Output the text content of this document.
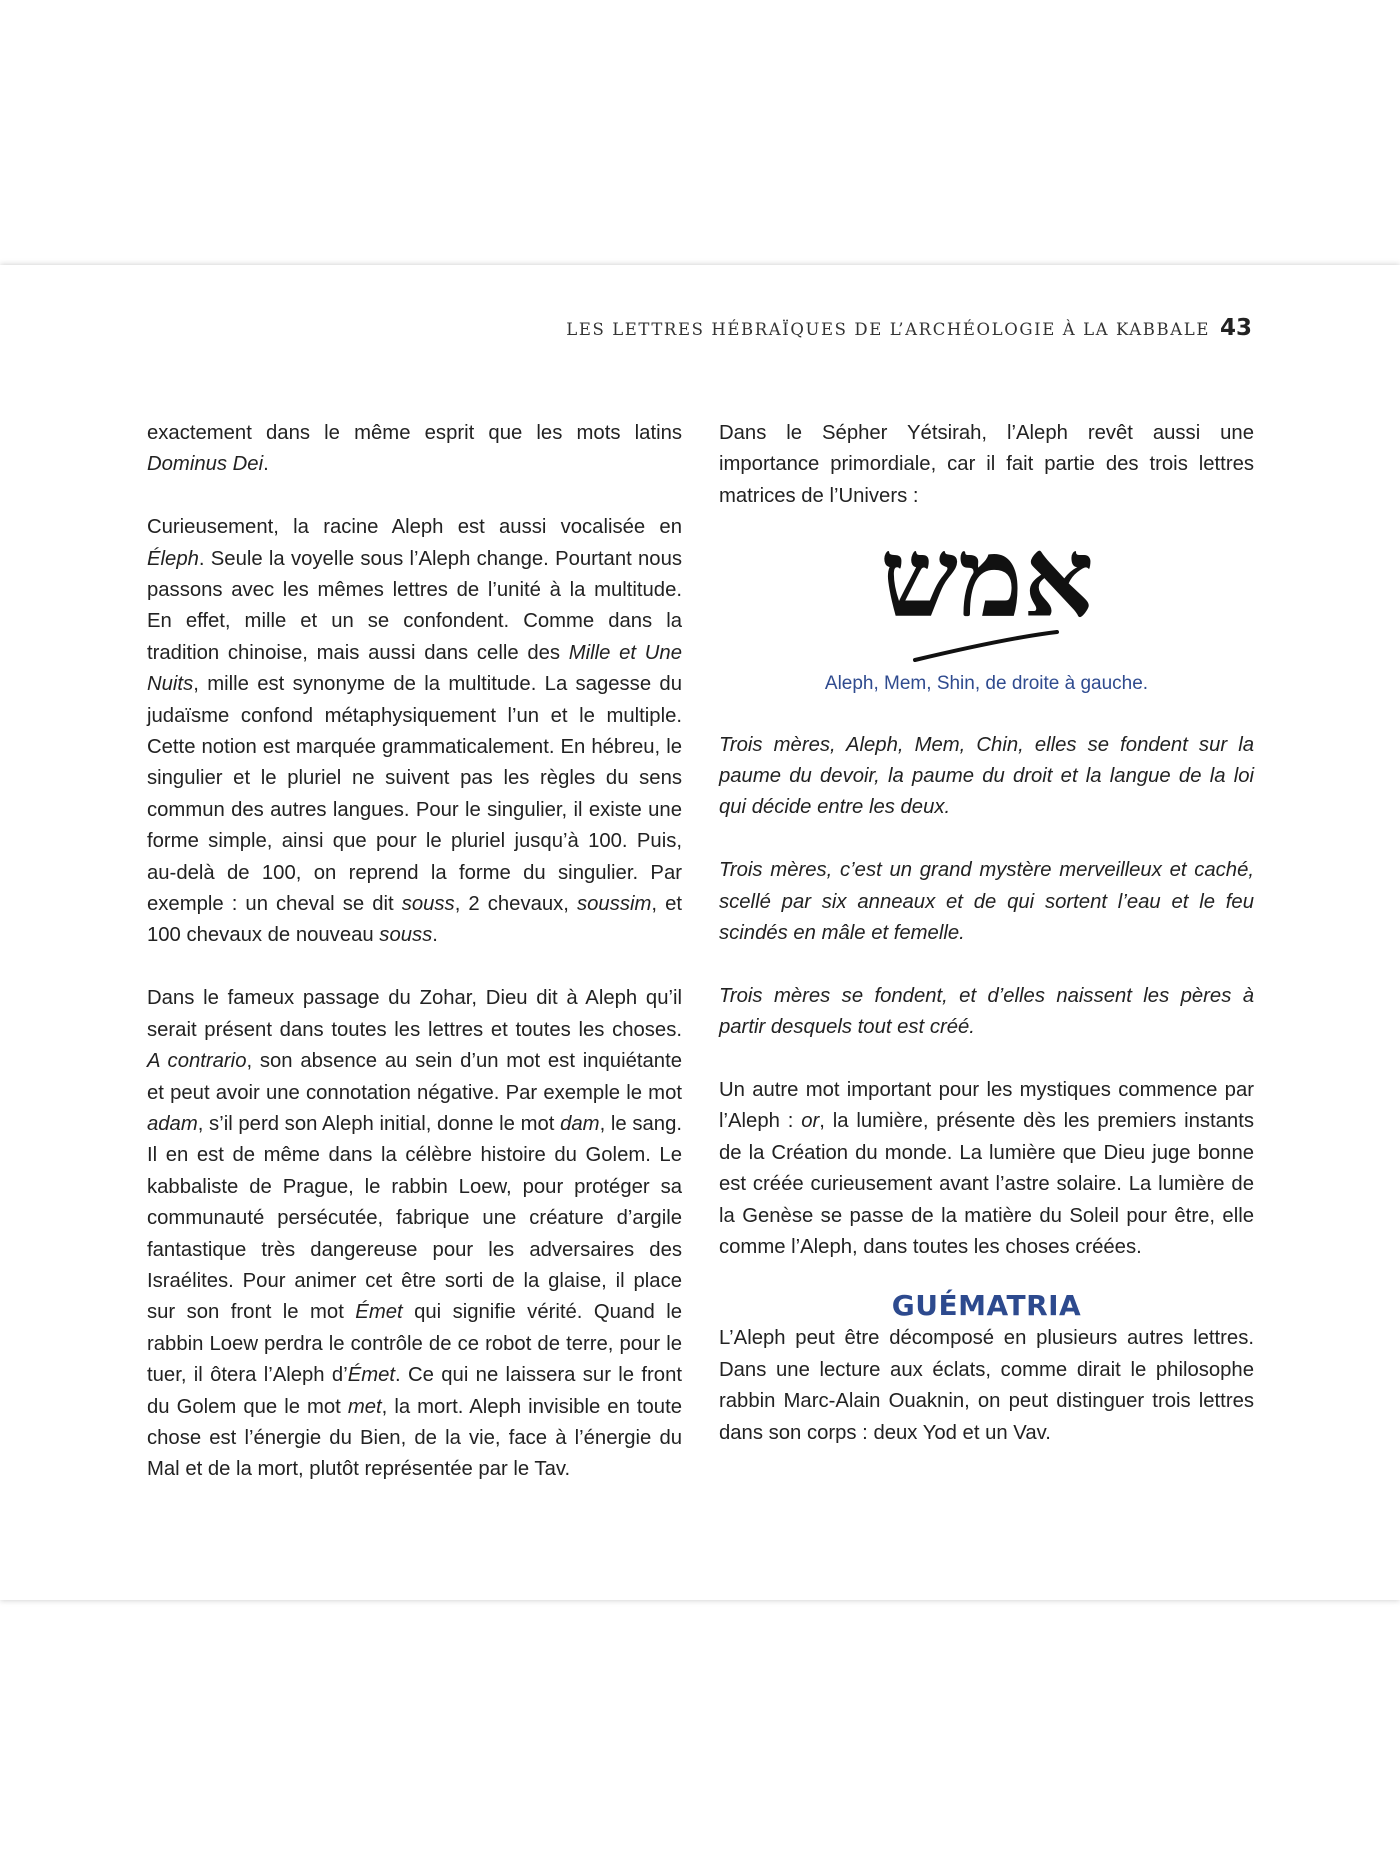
LES LETTRES HÉBRAÏQUES DE L’ARCHÉOLOGIE À LA KABBALE 43

exactement dans le même esprit que les mots latins Dominus Dei.

Curieusement, la racine Aleph est aussi vocalisée en Éleph. Seule la voyelle sous l’Aleph change. Pourtant nous passons avec les mêmes lettres de l’unité à la multitude. En effet, mille et un se confondent. Comme dans la tradition chinoise, mais aussi dans celle des Mille et Une Nuits, mille est synonyme de la multitude. La sagesse du judaïsme confond métaphysiquement l’un et le multiple. Cette notion est marquée grammaticalement. En hébreu, le singulier et le pluriel ne suivent pas les règles du sens commun des autres langues. Pour le singulier, il existe une forme simple, ainsi que pour le pluriel jusqu’à 100. Puis, au-delà de 100, on reprend la forme du singulier. Par exemple : un cheval se dit souss, 2 chevaux, soussim, et 100 chevaux de nouveau souss.

Dans le fameux passage du Zohar, Dieu dit à Aleph qu’il serait présent dans toutes les lettres et toutes les choses. A contrario, son absence au sein d’un mot est inquiétante et peut avoir une connotation négative. Par exemple le mot adam, s’il perd son Aleph initial, donne le mot dam, le sang. Il en est de même dans la célèbre histoire du Golem. Le kabbaliste de Prague, le rabbin Loew, pour protéger sa communauté persécutée, fabrique une créature d’argile fantastique très dangereuse pour les adversaires des Israélites. Pour animer cet être sorti de la glaise, il place sur son front le mot Émet qui signifie vérité. Quand le rabbin Loew perdra le contrôle de ce robot de terre, pour le tuer, il ôtera l’Aleph d’Émet. Ce qui ne laissera sur le front du Golem que le mot met, la mort. Aleph invisible en toute chose est l’énergie du Bien, de la vie, face à l’énergie du Mal et de la mort, plutôt représentée par le Tav.

Dans le Sépher Yétsirah, l’Aleph revêt aussi une importance primordiale, car il fait partie des trois lettres matrices de l’Univers :

אמש
Aleph, Mem, Shin, de droite à gauche.

Trois mères, Aleph, Mem, Chin, elles se fondent sur la paume du devoir, la paume du droit et la langue de la loi qui décide entre les deux.

Trois mères, c’est un grand mystère merveilleux et caché, scellé par six anneaux et de qui sortent l’eau et le feu scindés en mâle et femelle.

Trois mères se fondent, et d’elles naissent les pères à partir desquels tout est créé.

Un autre mot important pour les mystiques commence par l’Aleph : or, la lumière, présente dès les premiers instants de la Création du monde. La lumière que Dieu juge bonne est créée curieusement avant l’astre solaire. La lumière de la Genèse se passe de la matière du Soleil pour être, elle comme l’Aleph, dans toutes les choses créées.

GUÉMATRIA

L’Aleph peut être décomposé en plusieurs autres lettres. Dans une lecture aux éclats, comme dirait le philosophe rabbin Marc-Alain Ouaknin, on peut distinguer trois lettres dans son corps : deux Yod et un Vav.
